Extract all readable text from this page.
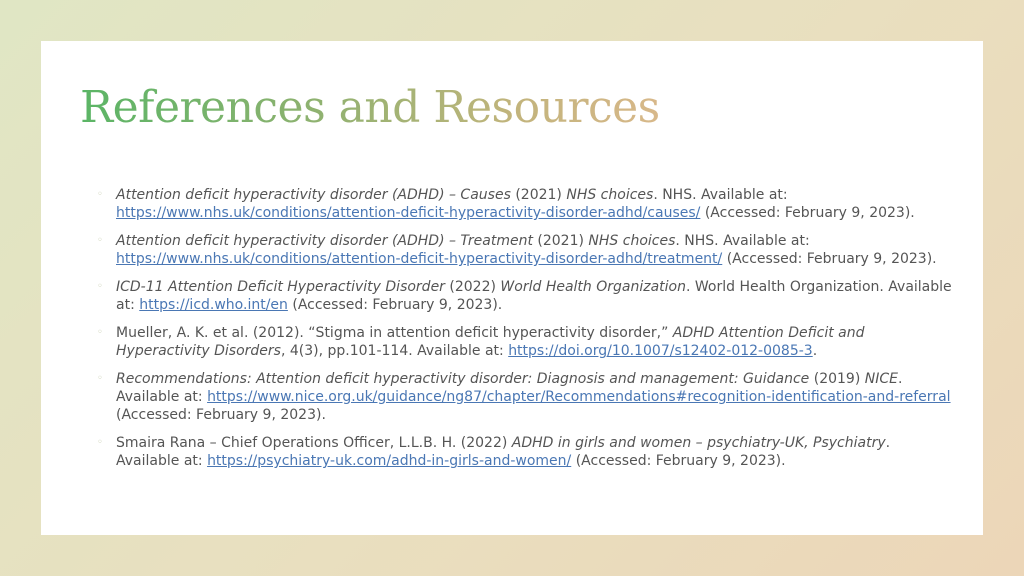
References and Resources
◦ Attention deficit hyperactivity disorder (ADHD) – Causes (2021) NHS choices. NHS. Available at: https://www.nhs.uk/conditions/attention-deficit-hyperactivity-disorder-adhd/causes/ (Accessed: February 9, 2023).
◦ Attention deficit hyperactivity disorder (ADHD) – Treatment (2021) NHS choices. NHS. Available at: https://www.nhs.uk/conditions/attention-deficit-hyperactivity-disorder-adhd/treatment/ (Accessed: February 9, 2023).
◦ ICD-11 Attention Deficit Hyperactivity Disorder (2022) World Health Organization. World Health Organization. Available at: https://icd.who.int/en (Accessed: February 9, 2023).
◦ Mueller, A. K. et al. (2012). “Stigma in attention deficit hyperactivity disorder,” ADHD Attention Deficit and Hyperactivity Disorders, 4(3), pp.101-114. Available at: https://doi.org/10.1007/s12402-012-0085-3.
◦ Recommendations: Attention deficit hyperactivity disorder: Diagnosis and management: Guidance (2019) NICE. Available at: https://www.nice.org.uk/guidance/ng87/chapter/Recommendations#recognition-identification-and-referral (Accessed: February 9, 2023).
◦ Smaira Rana – Chief Operations Officer, L.L.B. H. (2022) ADHD in girls and women – psychiatry-UK, Psychiatry. Available at: https://psychiatry-uk.com/adhd-in-girls-and-women/ (Accessed: February 9, 2023).
